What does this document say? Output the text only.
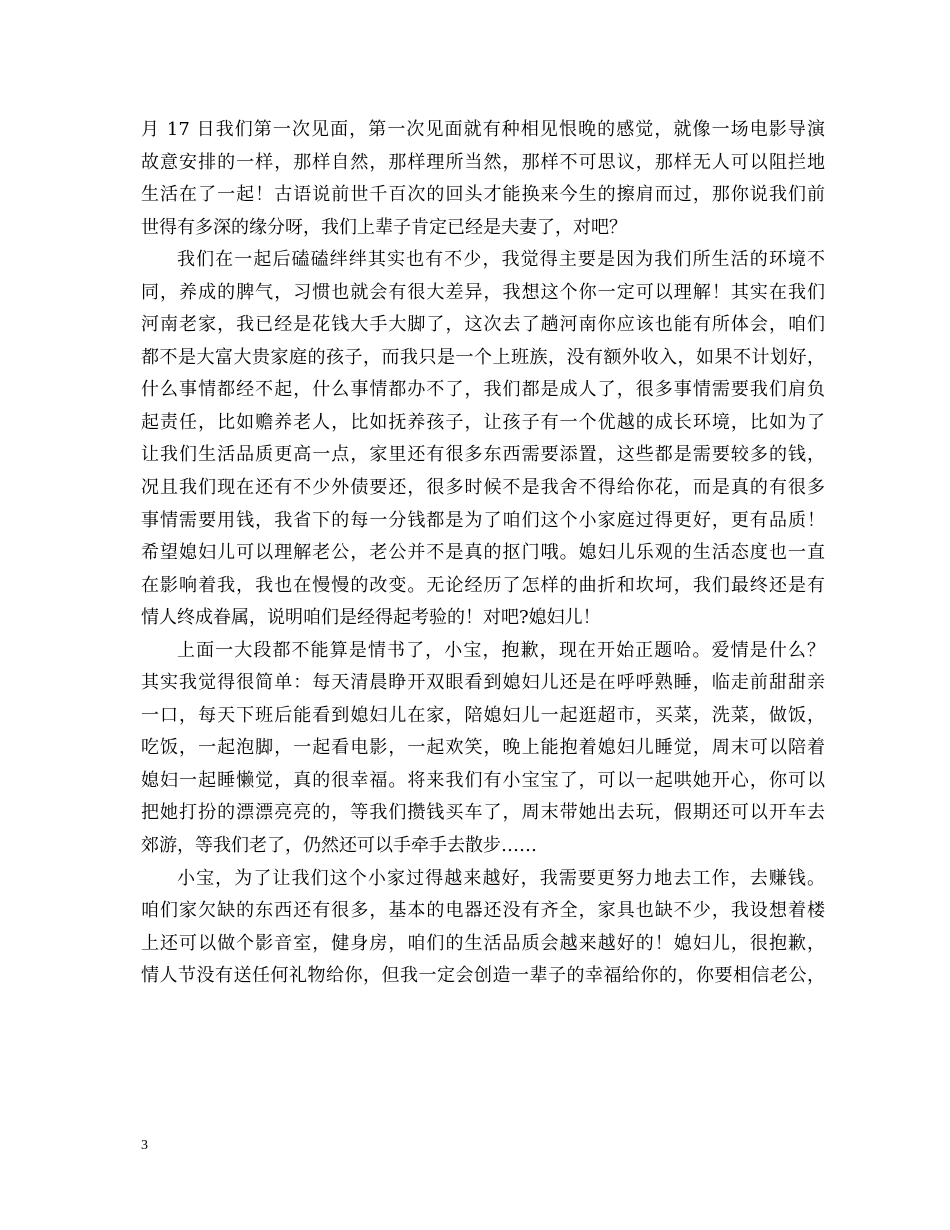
月 17 日我们第一次见面，第一次见面就有种相见恨晚的感觉，就像一场电影导演
故意安排的一样，那样自然，那样理所当然，那样不可思议，那样无人可以阻拦地
生活在了一起！古语说前世千百次的回头才能换来今生的擦肩而过，那你说我们前
世得有多深的缘分呀，我们上辈子肯定已经是夫妻了，对吧？
我们在一起后磕磕绊绊其实也有不少，我觉得主要是因为我们所生活的环境不
同，养成的脾气，习惯也就会有很大差异，我想这个你一定可以理解！其实在我们
河南老家，我已经是花钱大手大脚了，这次去了趟河南你应该也能有所体会，咱们
都不是大富大贵家庭的孩子，而我只是一个上班族，没有额外收入，如果不计划好，
什么事情都经不起，什么事情都办不了，我们都是成人了，很多事情需要我们肩负
起责任，比如赡养老人，比如抚养孩子，让孩子有一个优越的成长环境，比如为了
让我们生活品质更高一点，家里还有很多东西需要添置，这些都是需要较多的钱，
况且我们现在还有不少外债要还，很多时候不是我舍不得给你花，而是真的有很多
事情需要用钱，我省下的每一分钱都是为了咱们这个小家庭过得更好，更有品质！
希望媳妇儿可以理解老公，老公并不是真的抠门哦。媳妇儿乐观的生活态度也一直
在影响着我，我也在慢慢的改变。无论经历了怎样的曲折和坎坷，我们最终还是有
情人终成眷属，说明咱们是经得起考验的！对吧?媳妇儿！
上面一大段都不能算是情书了，小宝，抱歉，现在开始正题哈。爱情是什么？
其实我觉得很简单：每天清晨睁开双眼看到媳妇儿还是在呼呼熟睡，临走前甜甜亲
一口，每天下班后能看到媳妇儿在家，陪媳妇儿一起逛超市，买菜，洗菜，做饭，
吃饭，一起泡脚，一起看电影，一起欢笑，晚上能抱着媳妇儿睡觉，周末可以陪着
媳妇一起睡懒觉，真的很幸福。将来我们有小宝宝了，可以一起哄她开心，你可以
把她打扮的漂漂亮亮的，等我们攒钱买车了，周末带她出去玩，假期还可以开车去
郊游，等我们老了，仍然还可以手牵手去散步……
小宝，为了让我们这个小家过得越来越好，我需要更努力地去工作，去赚钱。
咱们家欠缺的东西还有很多，基本的电器还没有齐全，家具也缺不少，我设想着楼
上还可以做个影音室，健身房，咱们的生活品质会越来越好的！媳妇儿，很抱歉，
情人节没有送任何礼物给你，但我一定会创造一辈子的幸福给你的，你要相信老公，
3
